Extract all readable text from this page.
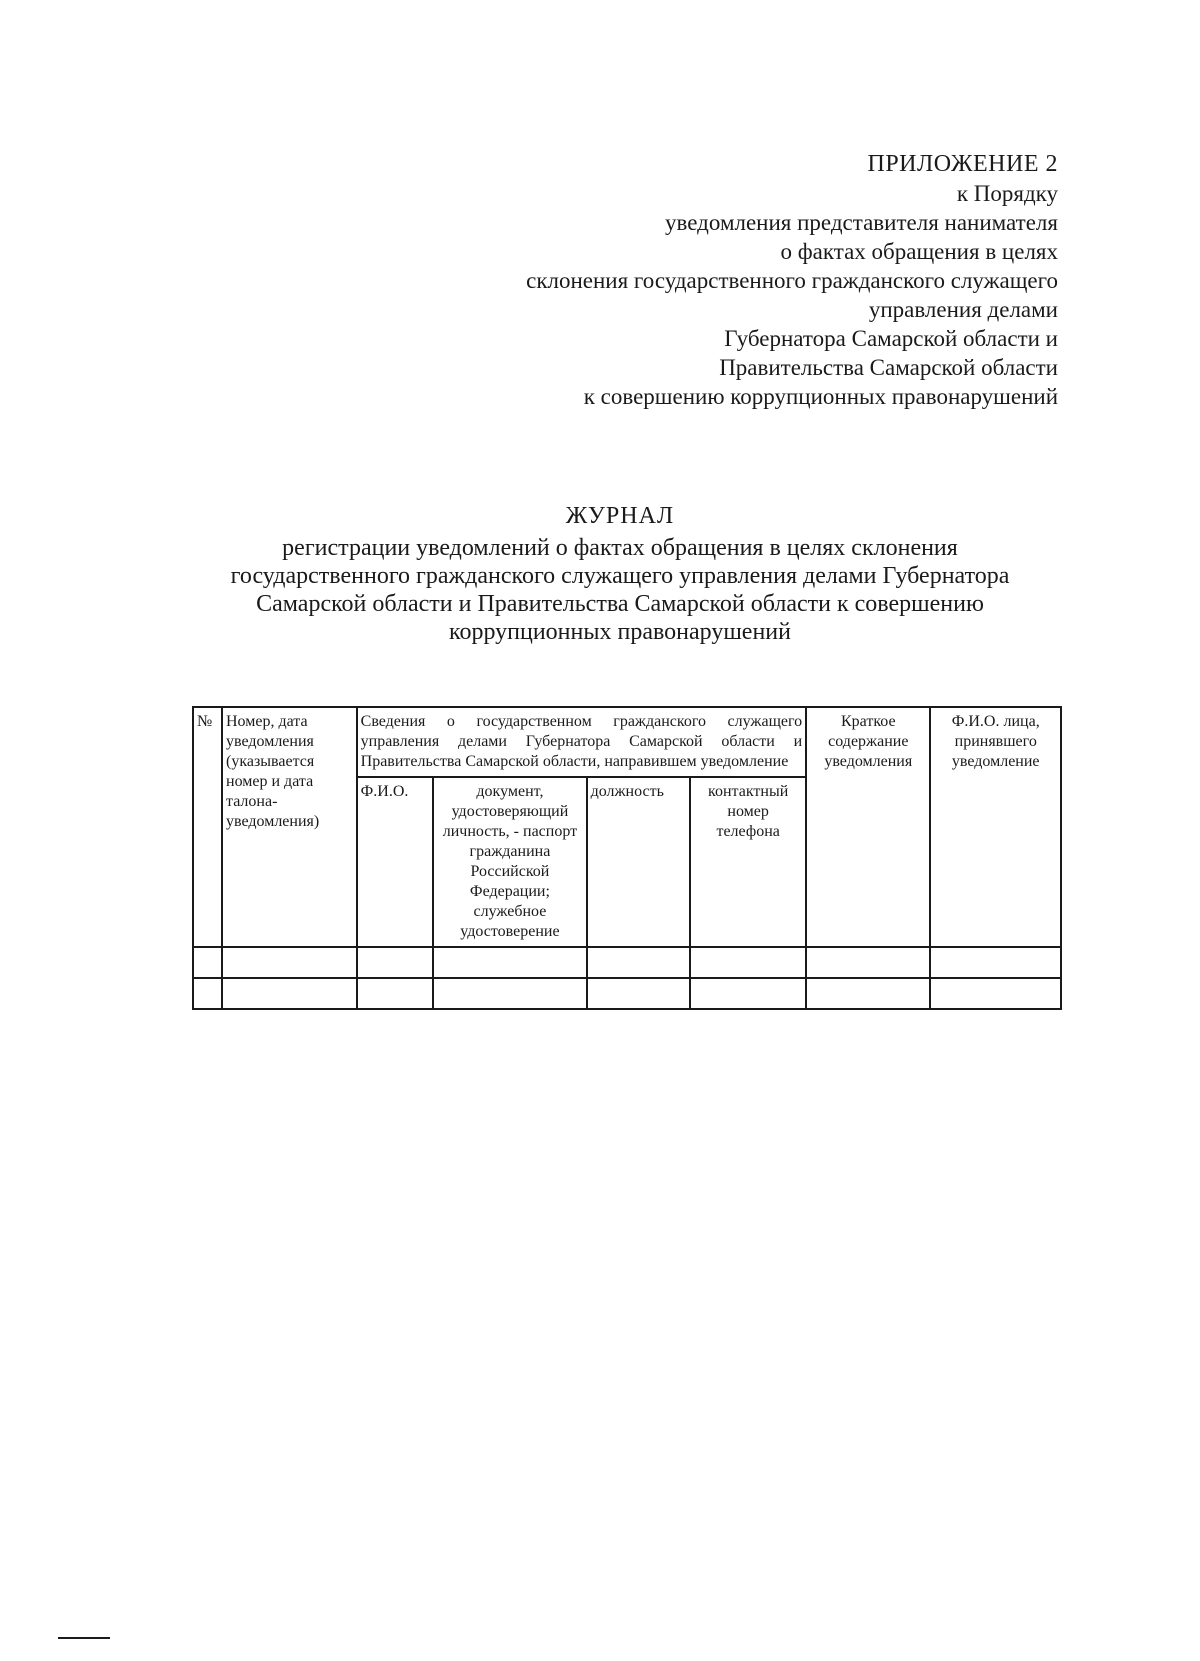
ПРИЛОЖЕНИЕ 2
к Порядку
уведомления представителя нанимателя
о фактах обращения в целях
склонения государственного гражданского служащего
управления делами
Губернатора Самарской области и
Правительства Самарской области
к совершению коррупционных правонарушений
ЖУРНАЛ
регистрации уведомлений о фактах обращения в целях склонения
государственного гражданского служащего управления делами Губернатора
Самарской области и Правительства Самарской области к совершению
коррупционных правонарушений
№	Номер, дата уведомления (указывается номер и дата талона-уведомления)	Сведения о государственном гражданского служащего управления делами Губернатора Самарской области и Правительства Самарской области, направившем уведомление				Краткое содержание уведомления	Ф.И.О. лица, принявшего уведомление
		Ф.И.О.	документ, удостоверяющий личность, - паспорт гражданина Российской Федерации; служебное удостоверение	должность	контактный номер телефона		
